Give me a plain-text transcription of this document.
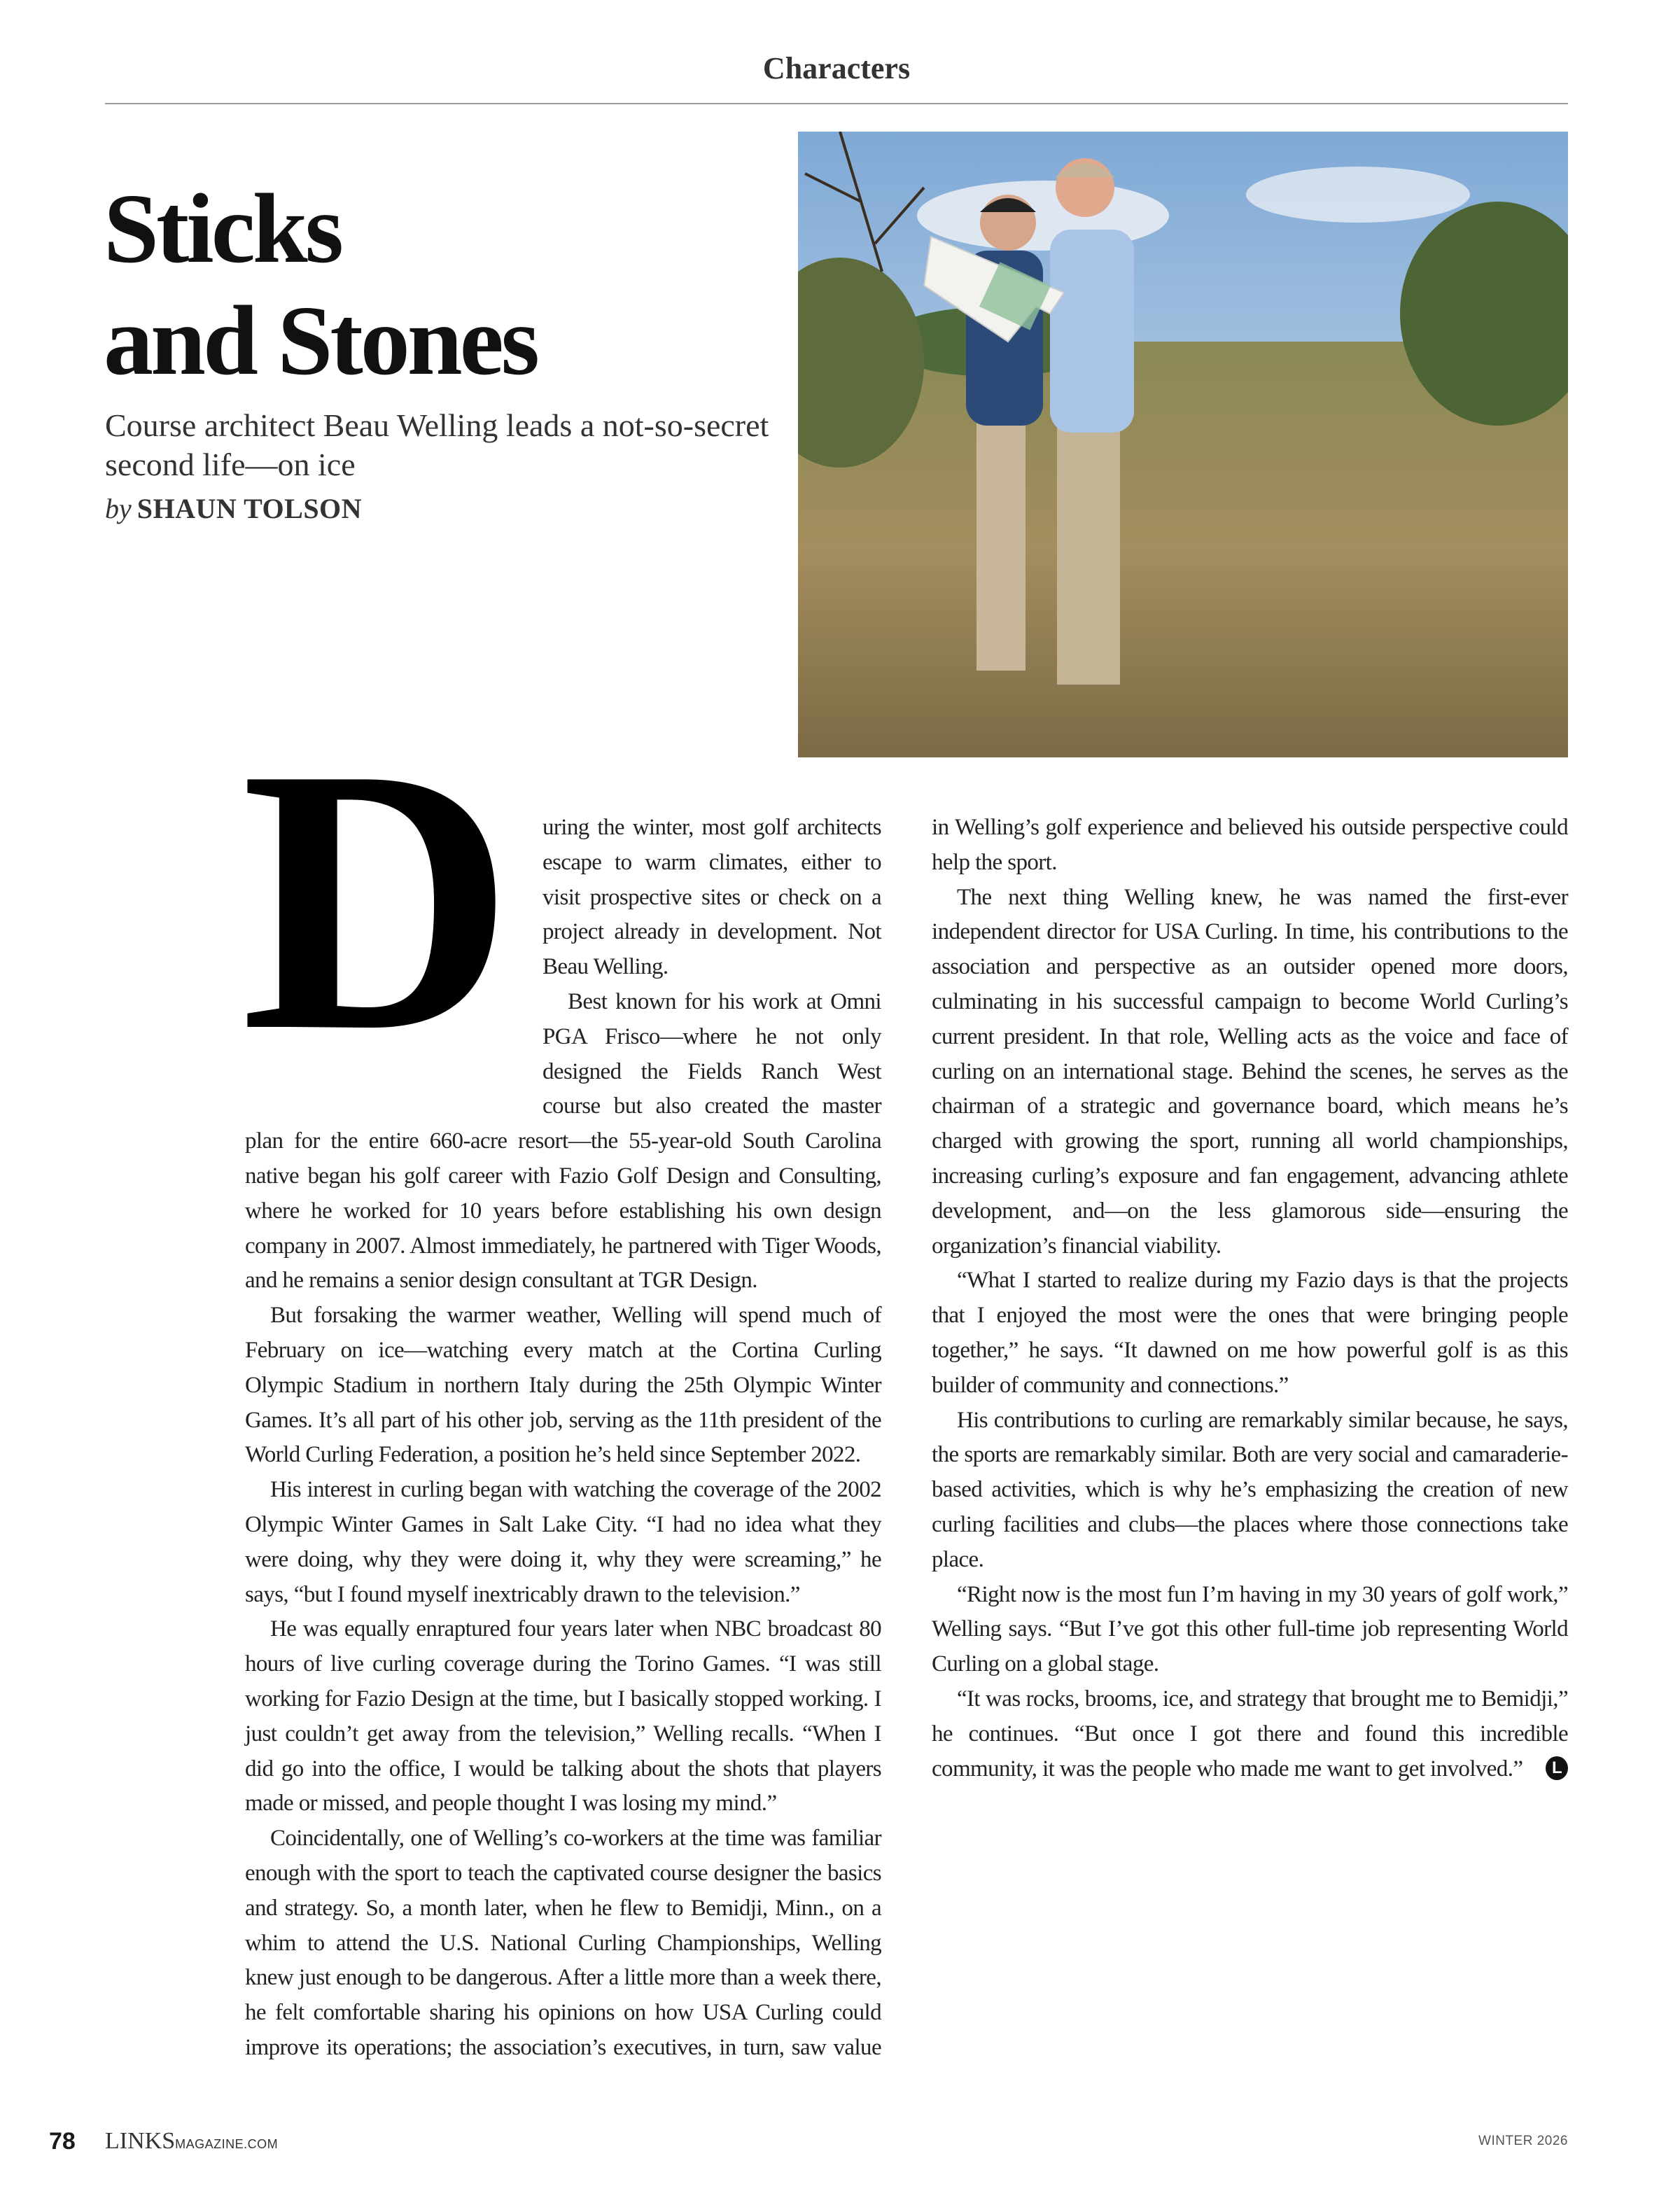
Characters
Sticks
and Stones
Course architect Beau Welling leads a not-so-secret second life—on ice
by SHAUN TOLSON
D	uring the winter, most golf architects escape to warm climates, either to visit prospective sites or check on a project already in development. Not Beau Welling.

Best known for his work at Omni PGA Frisco—where he not only designed the Fields Ranch West course but also created the master plan for the entire 660-acre resort—the 55-year-old South Carolina native began his golf career with Fazio Golf Design and Consulting, where he worked for 10 years before establishing his own design company in 2007. Almost immediately, he partnered with Tiger Woods, and he remains a senior design consultant at TGR Design.

But forsaking the warmer weather, Welling will spend much of February on ice—watching every match at the Cortina Curling Olympic Stadium in northern Italy during the 25th Olympic Winter Games. It’s all part of his other job, serving as the 11th president of the World Curling Federation, a position he’s held since September 2022.

His interest in curling began with watching the coverage of the 2002 Olympic Winter Games in Salt Lake City. “I had no idea what they were doing, why they were doing it, why they were screaming,” he says, “but I found myself inextricably drawn to the television.”

He was equally enraptured four years later when NBC broadcast 80 hours of live curling coverage during the Torino Games. “I was still working for Fazio Design at the time, but I basically stopped working. I just couldn’t get away from the television,” Welling recalls. “When I did go into the office, I would be talking about the shots that players made or missed, and people thought I was losing my mind.”

Coincidentally, one of Welling’s co-workers at the time was familiar enough with the sport to teach the captivated course designer the basics and strategy. So, a month later, when he flew to Bemidji, Minn., on a whim to attend the U.S. National Curling Championships, Welling knew just enough to be dangerous. After a little more than a week there, he felt comfortable sharing his opinions on how USA Curling could improve its operations; the association’s executives, in turn, saw value in Welling’s golf experience and believed his outside perspective could help the sport.

The next thing Welling knew, he was named the first-ever independent director for USA Curling. In time, his contributions to the association and perspective as an outsider opened more doors, culminating in his successful campaign to become World Curling’s current president. In that role, Welling acts as the voice and face of curling on an international stage. Behind the scenes, he serves as the chairman of a strategic and governance board, which means he’s charged with growing the sport, running all world championships, increasing curling’s exposure and fan engagement, advancing athlete development, and—on the less glamorous side—ensuring the organization’s financial viability.

“What I started to realize during my Fazio days is that the projects that I enjoyed the most were the ones that were bringing people together,” he says. “It dawned on me how powerful golf is as this builder of community and connections.”

His contributions to curling are remarkably similar because, he says, the sports are remarkably similar. Both are very social and camaraderie-based activities, which is why he’s emphasizing the creation of new curling facilities and clubs—the places where those connections take place.

“Right now is the most fun I’m having in my 30 years of golf work,” Welling says. “But I’ve got this other full-time job representing World Curling on a global stage.

“It was rocks, brooms, ice, and strategy that brought me to Bemidji,” he continues. “But once I got there and found this incredible community, it was the people who made me want to get involved.”	L

78 LINKSMAGAZINE.COM	WINTER 2026
